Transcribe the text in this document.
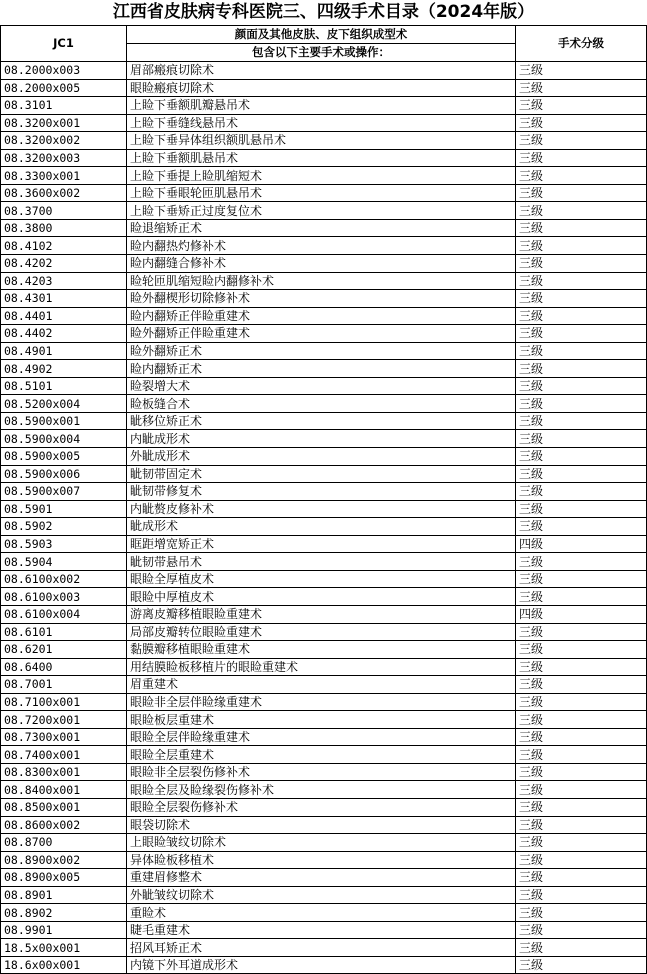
江西省皮肤病专科医院三、四级手术目录（2024年版）
JC1	颜面及其他皮肤、皮下组织成型术	手术分级
	包含以下主要手术或操作：	
08.2000x003	眉部瘢痕切除术	三级
08.2000x005	眼睑瘢痕切除术	三级
08.3101	上睑下垂额肌瓣悬吊术	三级
08.3200x001	上睑下垂缝线悬吊术	三级
08.3200x002	上睑下垂异体组织额肌悬吊术	三级
08.3200x003	上睑下垂额肌悬吊术	三级
08.3300x001	上睑下垂提上睑肌缩短术	三级
08.3600x002	上睑下垂眼轮匝肌悬吊术	三级
08.3700	上睑下垂矫正过度复位术	三级
08.3800	睑退缩矫正术	三级
08.4102	睑内翻热灼修补术	三级
08.4202	睑内翻缝合修补术	三级
08.4203	睑轮匝肌缩短睑内翻修补术	三级
08.4301	睑外翻楔形切除修补术	三级
08.4401	睑内翻矫正伴睑重建术	三级
08.4402	睑外翻矫正伴睑重建术	三级
08.4901	睑外翻矫正术	三级
08.4902	睑内翻矫正术	三级
08.5101	睑裂增大术	三级
08.5200x004	睑板缝合术	三级
08.5900x001	眦移位矫正术	三级
08.5900x004	内眦成形术	三级
08.5900x005	外眦成形术	三级
08.5900x006	眦韧带固定术	三级
08.5900x007	眦韧带修复术	三级
08.5901	内眦赘皮修补术	三级
08.5902	眦成形术	三级
08.5903	眶距增宽矫正术	四级
08.5904	眦韧带悬吊术	三级
08.6100x002	眼睑全厚植皮术	三级
08.6100x003	眼睑中厚植皮术	三级
08.6100x004	游离皮瓣移植眼睑重建术	四级
08.6101	局部皮瓣转位眼睑重建术	三级
08.6201	黏膜瓣移植眼睑重建术	三级
08.6400	用结膜睑板移植片的眼睑重建术	三级
08.7001	眉重建术	三级
08.7100x001	眼睑非全层伴睑缘重建术	三级
08.7200x001	眼睑板层重建术	三级
08.7300x001	眼睑全层伴睑缘重建术	三级
08.7400x001	眼睑全层重建术	三级
08.8300x001	眼睑非全层裂伤修补术	三级
08.8400x001	眼睑全层及睑缘裂伤修补术	三级
08.8500x001	眼睑全层裂伤修补术	三级
08.8600x002	眼袋切除术	三级
08.8700	上眼睑皱纹切除术	三级
08.8900x002	异体睑板移植术	三级
08.8900x005	重建眉修整术	三级
08.8901	外眦皱纹切除术	三级
08.8902	重睑术	三级
08.9901	睫毛重建术	三级
18.5x00x001	招风耳矫正术	三级
18.6x00x001	内镜下外耳道成形术	三级
